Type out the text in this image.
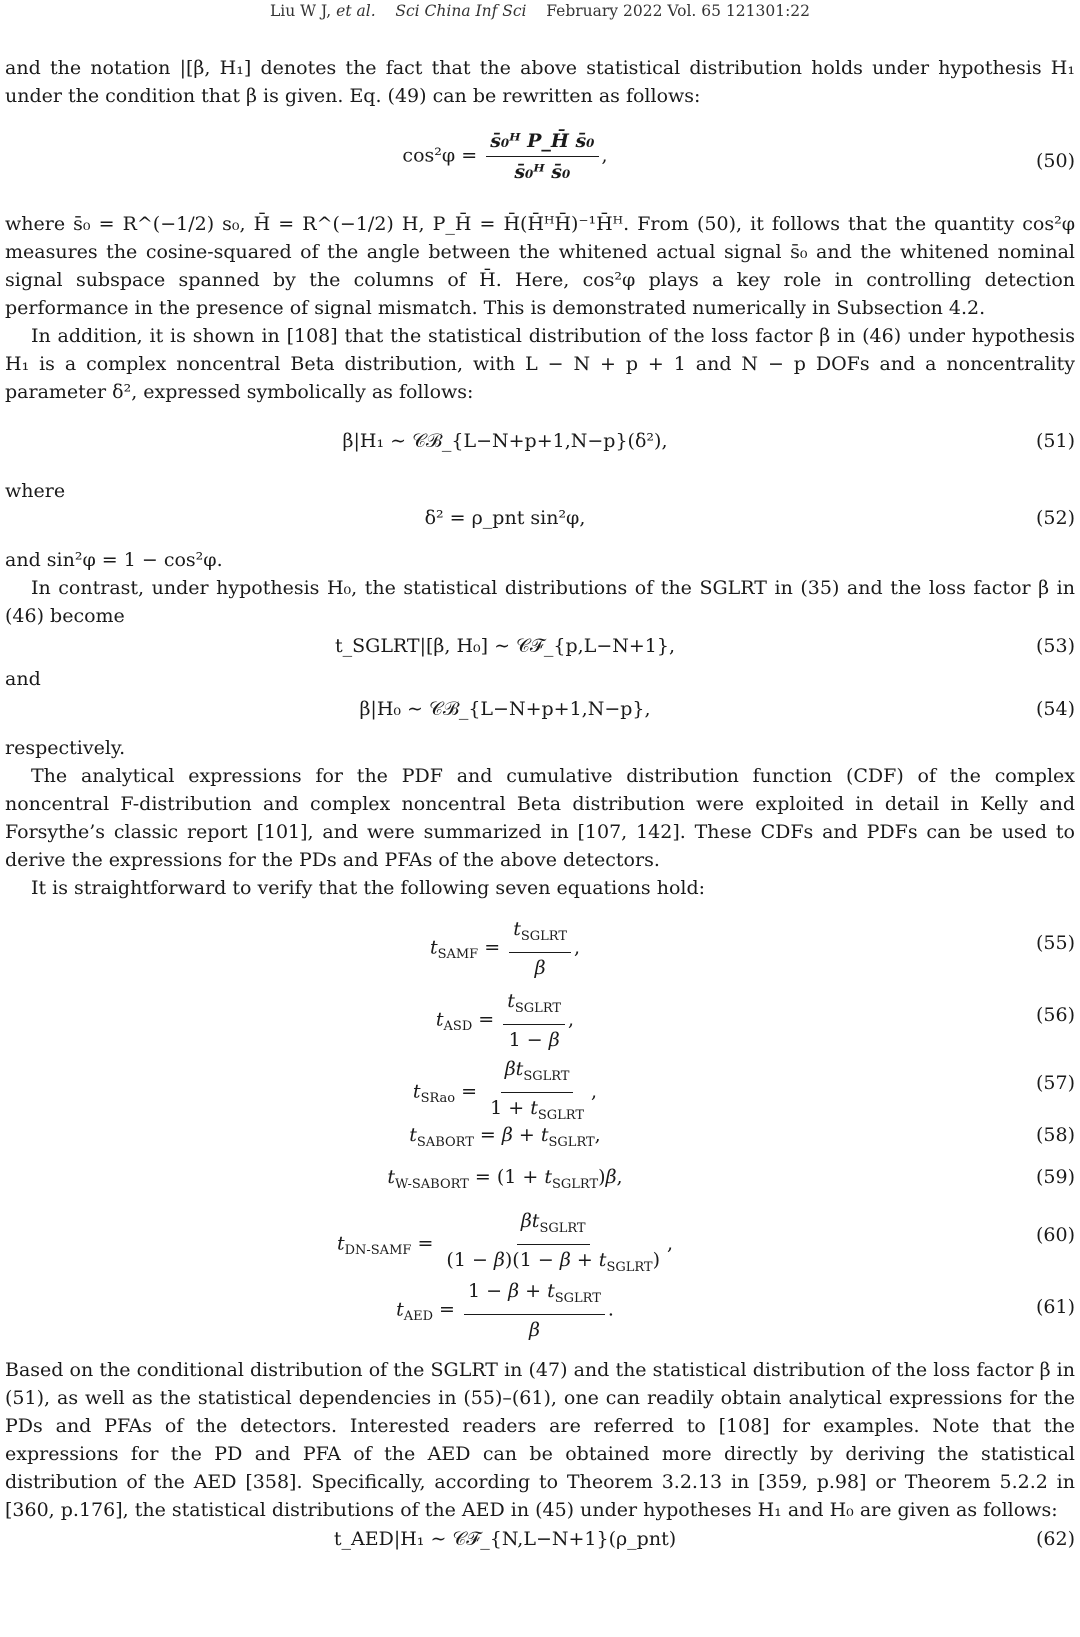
Liu W J, et al. Sci China Inf Sci February 2022 Vol. 65 121301:22

and the notation |[β, H₁] denotes the fact that the above statistical distribution holds under hypothesis H₁ under the condition that β is given. Eq. (49) can be rewritten as follows:

$\cos^2\varphi = \frac{\text{s̄₀ᴴ P\_H̄ s̄₀}}{\text{s̄₀ᴴ s̄₀}}$ ,	(50)

where s̄₀ = R^(−1/2) s₀, H̄ = R^(−1/2) H, P_H̄ = H̄(H̄ᴴH̄)⁻¹H̄ᴴ. From (50), it follows that the quantity cos²φ measures the cosine-squared of the angle between the whitened actual signal s̄₀ and the whitened nominal signal subspace spanned by the columns of H̄. Here, cos²φ plays a key role in controlling detection performance in the presence of signal mismatch. This is demonstrated numerically in Subsection 4.2.

In addition, it is shown in [108] that the statistical distribution of the loss factor β in (46) under hypothesis H₁ is a complex noncentral Beta distribution, with L − N + p + 1 and N − p DOFs and a noncentrality parameter δ², expressed symbolically as follows:

β|H₁ ∼ 𝒞ℬ_{L−N+p+1,N−p}(δ²),	(51)
where
δ² = ρ_pnt sin²φ,	(52)

and sin²φ = 1 − cos²φ.

In contrast, under hypothesis H₀, the statistical distributions of the SGLRT in (35) and the loss factor β in (46) become

t_SGLRT|[β, H₀] ∼ 𝒞ℱ_{p,L−N+1},	(53)
and
β|H₀ ∼ 𝒞ℬ_{L−N+p+1,N−p},	(54)

respectively.

The analytical expressions for the PDF and cumulative distribution function (CDF) of the complex noncentral F-distribution and complex noncentral Beta distribution were exploited in detail in Kelly and Forsythe’s classic report [101], and were summarized in [107, 142]. These CDFs and PDFs can be used to derive the expressions for the PDs and PFAs of the above detectors.

It is straightforward to verify that the following seven equations hold:

$t_{SAMF} = \frac{t_{SGLRT}}{\beta}$ ,	(55)
$t_{ASD} = \frac{t_{SGLRT}}{1 - \beta}$ ,	(56)
$t_{SRao} = \frac{\beta t_{SGLRT}}{1 + t_{SGLRT}}$ ,	(57)
$t_{SABORT} = \beta + t_{SGLRT}$,	(58)
$t_{W-SABORT} = (1 + t_{SGLRT})\beta$,	(59)
$t_{DN-SAMF} = \frac{\beta t_{SGLRT}}{(1 - \beta)(1 - \beta + t_{SGLRT})}$ ,	(60)
$t_{AED} = \frac{1 - \beta + t_{SGLRT}}{\beta}$ .	(61)

Based on the conditional distribution of the SGLRT in (47) and the statistical distribution of the loss factor β in (51), as well as the statistical dependencies in (55)–(61), one can readily obtain analytical expressions for the PDs and PFAs of the detectors. Interested readers are referred to [108] for examples. Note that the expressions for the PD and PFA of the AED can be obtained more directly by deriving the statistical distribution of the AED [358]. Specifically, according to Theorem 3.2.13 in [359, p.98] or Theorem 5.2.2 in [360, p.176], the statistical distributions of the AED in (45) under hypotheses H₁ and H₀ are given as follows:

t_AED|H₁ ∼ 𝒞ℱ_{N,L−N+1}(ρ_pnt)	(62)
